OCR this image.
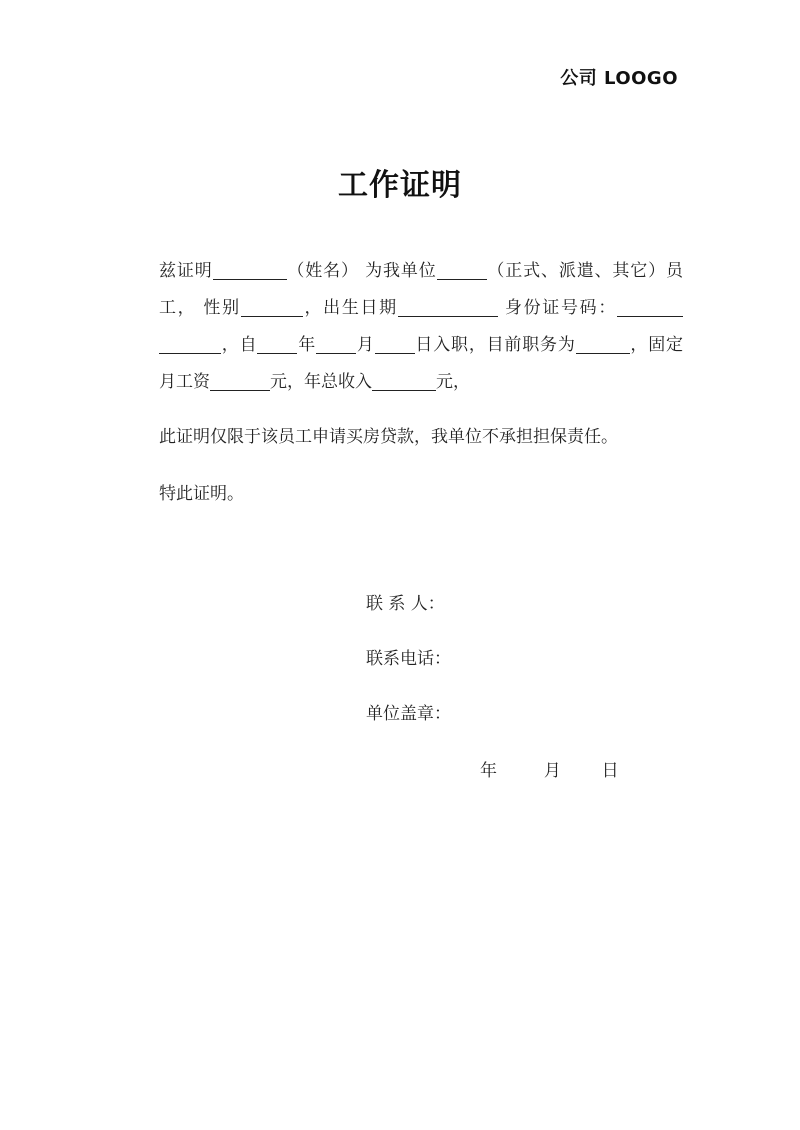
公司 LOOGO
工作证明

兹证明	（姓名） 为我单位	（正式、派遣、其它）员工， 性别	，出生日期	身份证号码：，自 年 月 日入职，目前职务为	，固定月工资	元，年总收入	元，

此证明仅限于该员工申请买房贷款，我单位不承担担保责任。

特此证明。

联 系 人：
联系电话：
单位盖章：
年	月 日
